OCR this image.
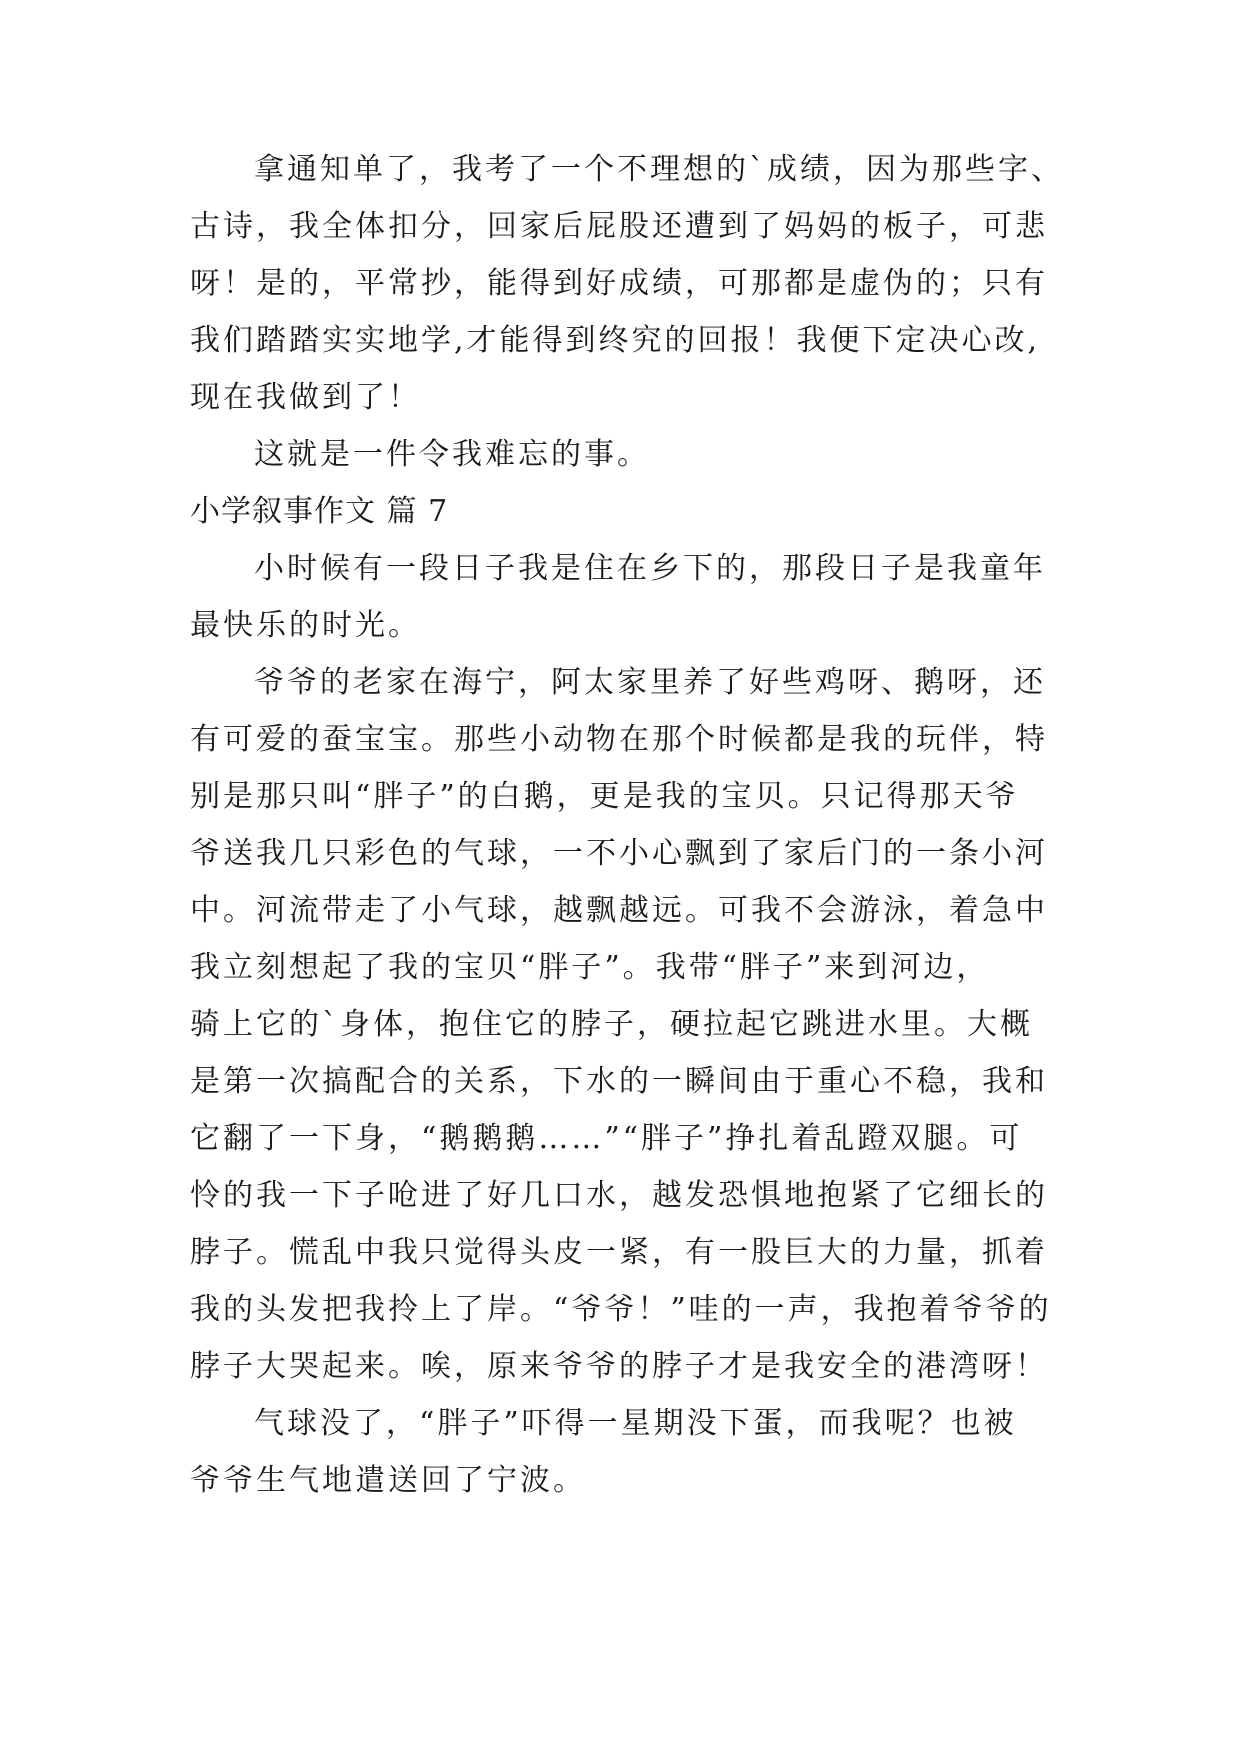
拿通知单了，我考了一个不理想的`成绩，因为那些字、
古诗，我全体扣分，回家后屁股还遭到了妈妈的板子，可悲
呀！是的，平常抄，能得到好成绩，可那都是虚伪的；只有
我们踏踏实实地学,才能得到终究的回报！我便下定决心改,
现在我做到了！
这就是一件令我难忘的事。
小学叙事作文 篇 7
小时候有一段日子我是住在乡下的，那段日子是我童年
最快乐的时光。
爷爷的老家在海宁，阿太家里养了好些鸡呀、鹅呀，还
有可爱的蚕宝宝。那些小动物在那个时候都是我的玩伴，特
别是那只叫“胖子”的白鹅，更是我的宝贝。只记得那天爷
爷送我几只彩色的气球，一不小心飘到了家后门的一条小河
中。河流带走了小气球，越飘越远。可我不会游泳，着急中
我立刻想起了我的宝贝“胖子”。我带“胖子”来到河边，
骑上它的`身体，抱住它的脖子，硬拉起它跳进水里。大概
是第一次搞配合的关系，下水的一瞬间由于重心不稳，我和
它翻了一下身，“鹅鹅鹅……”“胖子”挣扎着乱蹬双腿。可
怜的我一下子呛进了好几口水，越发恐惧地抱紧了它细长的
脖子。慌乱中我只觉得头皮一紧，有一股巨大的力量，抓着
我的头发把我拎上了岸。“爷爷！”哇的一声，我抱着爷爷的
脖子大哭起来。唉，原来爷爷的脖子才是我安全的港湾呀！
气球没了，“胖子”吓得一星期没下蛋，而我呢？也被
爷爷生气地遣送回了宁波。
